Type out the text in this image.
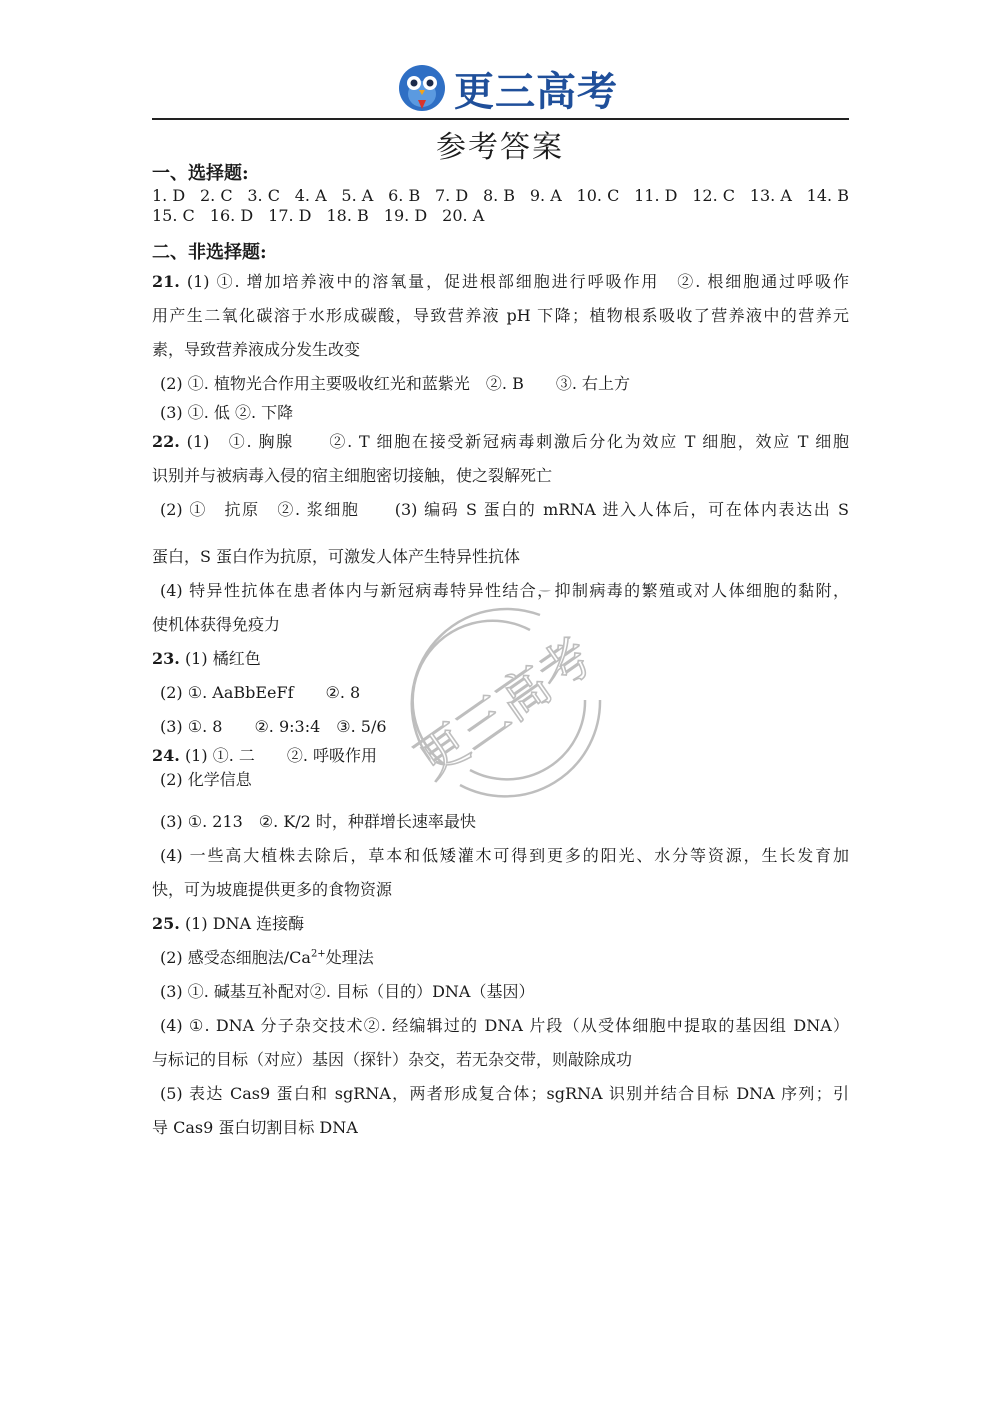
更三高考
参考答案
一、选择题:
1. D 2. C 3. C 4. A 5. A 6. B 7. D 8. B 9. A 10. C 11. D 12. C 13. A 14. B
15. C 16. D 17. D 18. B 19. D 20. A
二、非选择题:
21. (1) ①. 增加培养液中的溶氧量，促进根部细胞进行呼吸作用　②. 根细胞通过呼吸作
用产生二氧化碳溶于水形成碳酸，导致营养液 pH 下降；植物根系吸收了营养液中的营养元
素，导致营养液成分发生改变
(2) ①. 植物光合作用主要吸收红光和蓝紫光　②. B　　③. 右上方
(3) ①. 低 ②. 下降
22. (1)　①. 胸腺　　②. T 细胞在接受新冠病毒刺激后分化为效应 T 细胞，效应 T 细胞
识别并与被病毒入侵的宿主细胞密切接触，使之裂解死亡
(2) ①　抗原　②. 浆细胞　　(3) 编码 S 蛋白的 mRNA 进入人体后，可在体内表达出 S
蛋白，S 蛋白作为抗原，可激发人体产生特异性抗体
(4) 特异性抗体在患者体内与新冠病毒特异性结合，抑制病毒的繁殖或对人体细胞的黏附，
使机体获得免疫力
23. (1) 橘红色
(2) ①. AaBbEeFf　　②. 8
(3) ①. 8　　②. 9:3:4　③. 5/6
24. (1) ①. 二　　②. 呼吸作用
(2) 化学信息
(3) ①. 213　②. K/2 时，种群增长速率最快
(4) 一些高大植株去除后，草本和低矮灌木可得到更多的阳光、水分等资源，生长发育加
快，可为坡鹿提供更多的食物资源
25. (1) DNA 连接酶
(2) 感受态细胞法$/Ca^{2+}$处理法
(3) ①. 碱基互补配对②. 目标（目的）DNA（基因）
(4) ①. DNA 分子杂交技术②. 经编辑过的 DNA 片段（从受体细胞中提取的基因组 DNA）
与标记的目标（对应）基因（探针）杂交，若无杂交带，则敲除成功
(5) 表达 Cas9 蛋白和 sgRNA，两者形成复合体；sgRNA 识别并结合目标 DNA 序列；引
导 Cas9 蛋白切割目标 DNA
更三高考
